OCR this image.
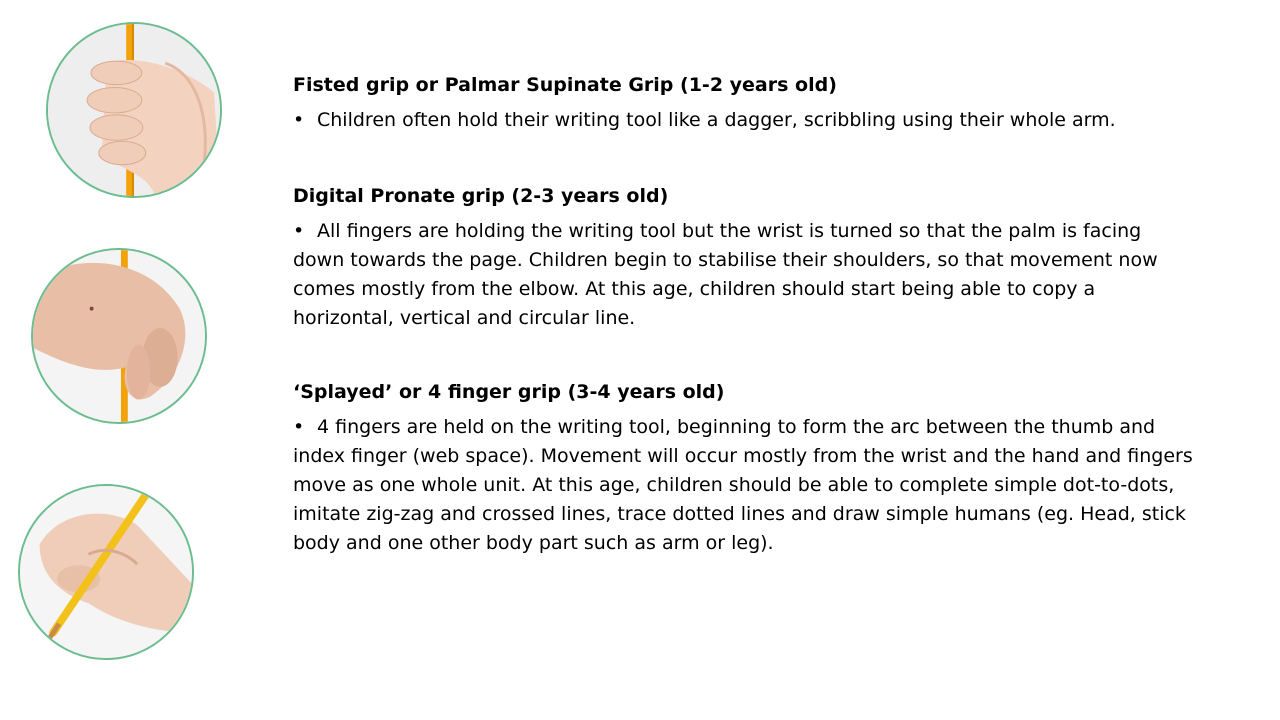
Fisted grip or Palmar Supinate Grip (1-2 years old)

• Children often hold their writing tool like a dagger, scribbling using their whole arm.

Digital Pronate grip (2-3 years old)

• All fingers are holding the writing tool but the wrist is turned so that the palm is facing down towards the page. Children begin to stabilise their shoulders, so that movement now comes mostly from the elbow. At this age, children should start being able to copy a horizontal, vertical and circular line.

‘Splayed’ or 4 finger grip (3-4 years old)

• 4 fingers are held on the writing tool, beginning to form the arc between the thumb and index finger (web space). Movement will occur mostly from the wrist and the hand and fingers move as one whole unit. At this age, children should be able to complete simple dot-to-dots, imitate zig-zag and crossed lines, trace dotted lines and draw simple humans (eg. Head, stick body and one other body part such as arm or leg).
